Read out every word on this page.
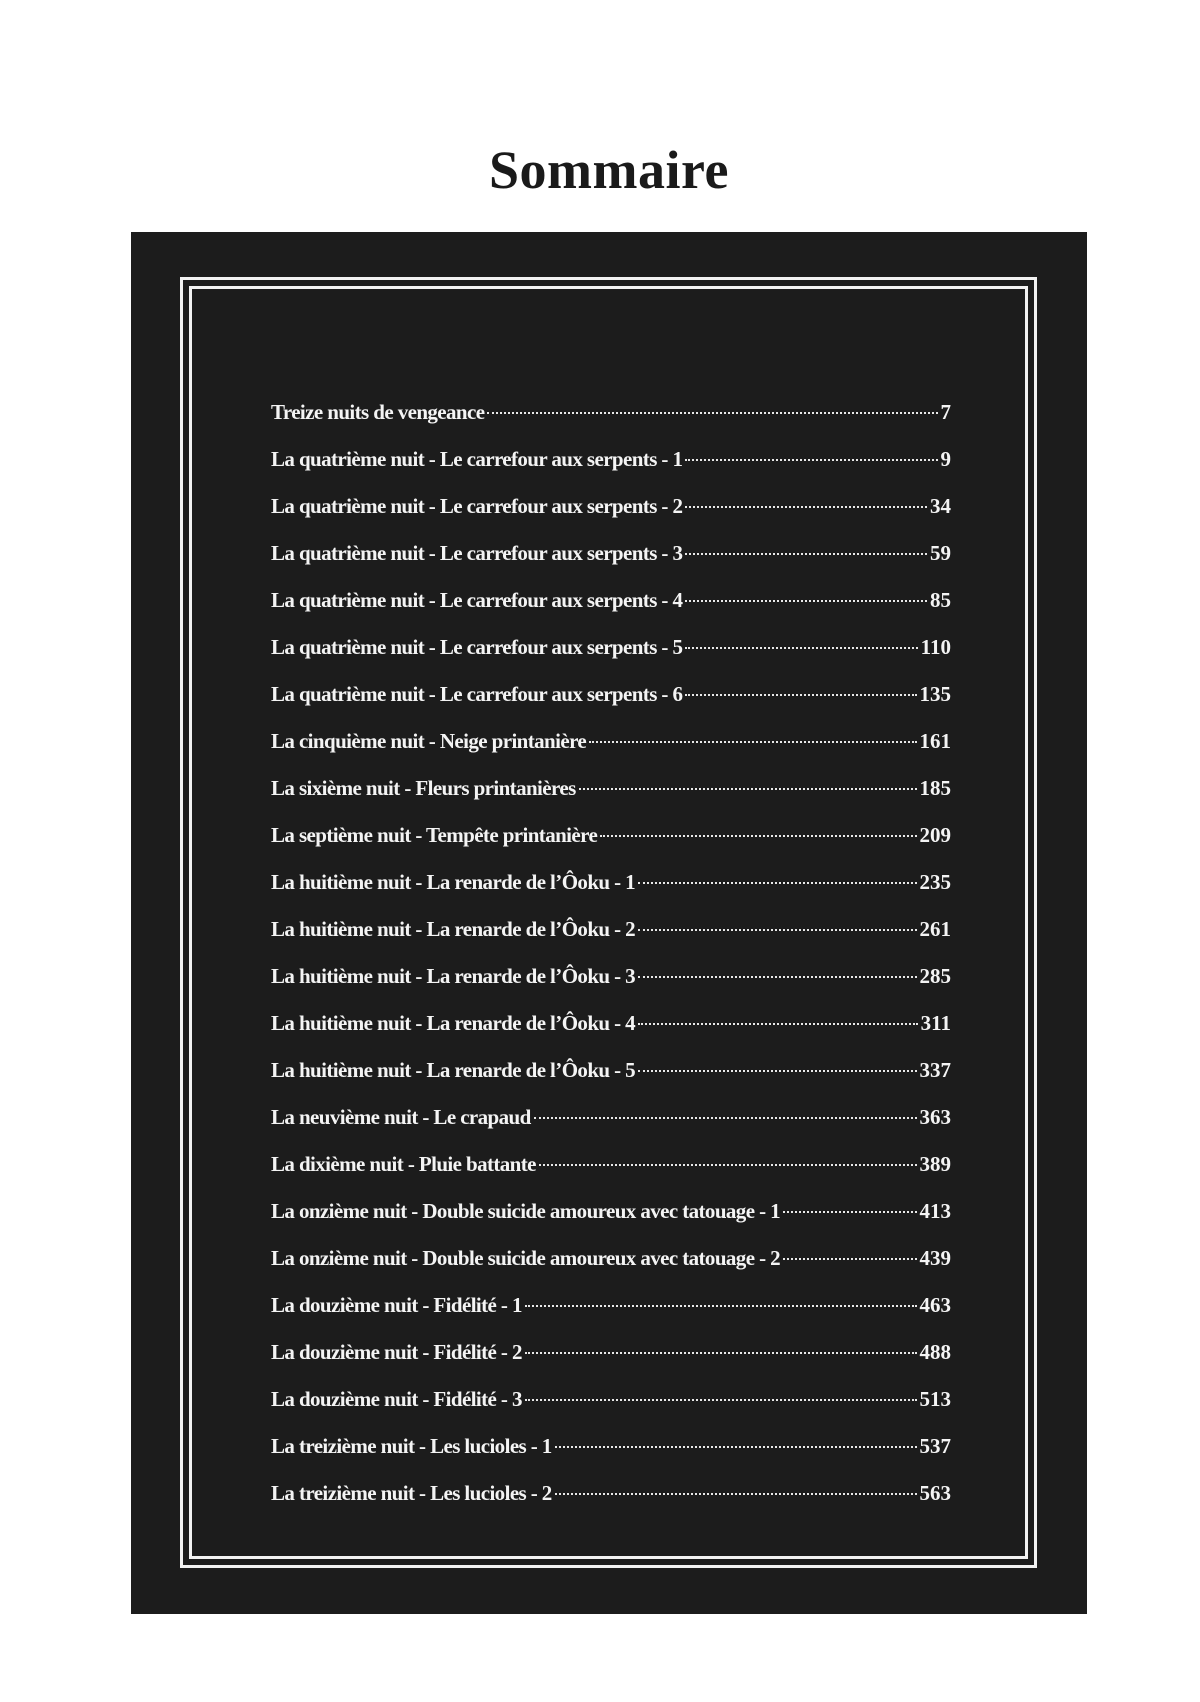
Sommaire
Treize nuits de vengeance	7
La quatrième nuit - Le carrefour aux serpents - 1	9
La quatrième nuit - Le carrefour aux serpents - 2	34
La quatrième nuit - Le carrefour aux serpents - 3	59
La quatrième nuit - Le carrefour aux serpents - 4	85
La quatrième nuit - Le carrefour aux serpents - 5	110
La quatrième nuit - Le carrefour aux serpents - 6	135
La cinquième nuit - Neige printanière	161
La sixième nuit - Fleurs printanières	185
La septième nuit - Tempête printanière	209
La huitième nuit - La renarde de l’Ôoku - 1	235
La huitième nuit - La renarde de l’Ôoku - 2	261
La huitième nuit - La renarde de l’Ôoku - 3	285
La huitième nuit - La renarde de l’Ôoku - 4	311
La huitième nuit - La renarde de l’Ôoku - 5	337
La neuvième nuit - Le crapaud	363
La dixième nuit - Pluie battante	389
La onzième nuit - Double suicide amoureux avec tatouage - 1	413
La onzième nuit - Double suicide amoureux avec tatouage - 2	439
La douzième nuit - Fidélité - 1	463
La douzième nuit - Fidélité - 2	488
La douzième nuit - Fidélité - 3	513
La treizième nuit - Les lucioles - 1	537
La treizième nuit - Les lucioles - 2	563
